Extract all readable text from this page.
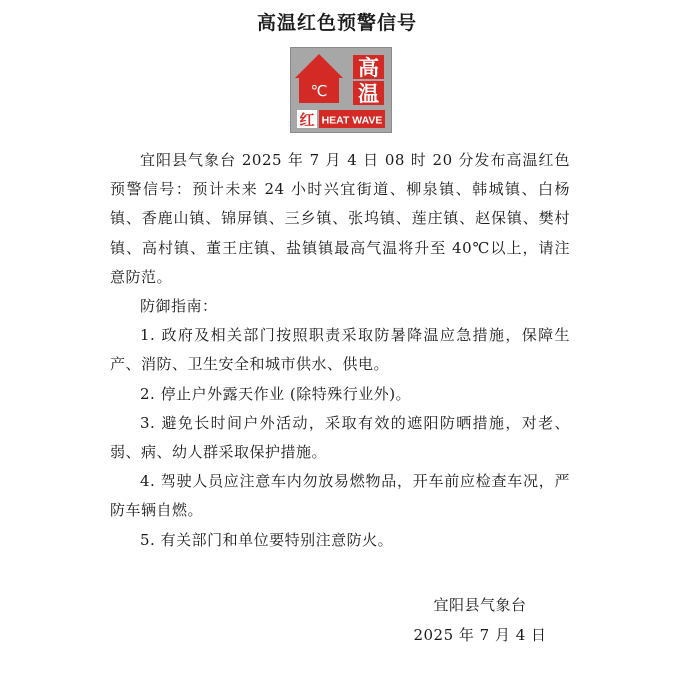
高温红色预警信号
℃
高
温
红 HEAT WAVE

宜阳县气象台 2025 年 7 月 4 日 08 时 20 分发布高温红色预警信号：预计未来 24 小时兴宜街道、柳泉镇、韩城镇、白杨镇、香鹿山镇、锦屏镇、三乡镇、张坞镇、莲庄镇、赵保镇、樊村镇、高村镇、董王庄镇、盐镇镇最高气温将升至 40℃以上，请注意防范。

防御指南：

1. 政府及相关部门按照职责采取防暑降温应急措施，保障生产、消防、卫生安全和城市供水、供电。

2. 停止户外露天作业 (除特殊行业外)。

3. 避免长时间户外活动，采取有效的遮阳防晒措施，对老、弱、病、幼人群采取保护措施。

4. 驾驶人员应注意车内勿放易燃物品，开车前应检查车况，严防车辆自燃。

5. 有关部门和单位要特别注意防火。

宜阳县气象台
2025 年 7 月 4 日
